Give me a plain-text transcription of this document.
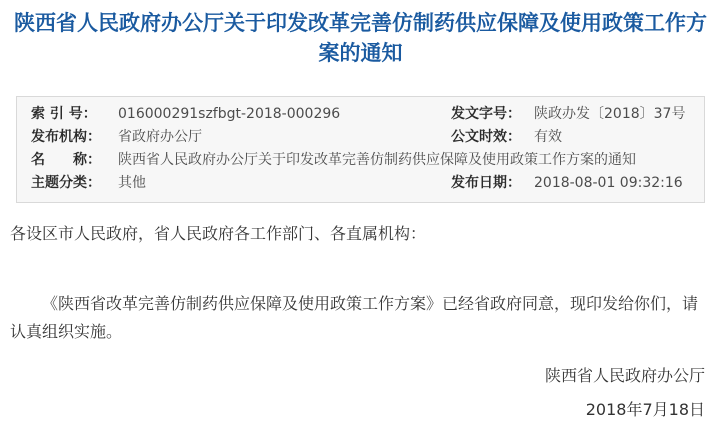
陕西省人民政府办公厅关于印发改革完善仿制药供应保障及使用政策工作方案的通知
索 引 号：	016000291szfbgt-2018-000296	发文字号： 陕政办发〔2018〕37号
发布机构：	省政府办公厅	公文时效： 有效
名　　称：	陕西省人民政府办公厅关于印发改革完善仿制药供应保障及使用政策工作方案的通知
主题分类：	其他	发布日期： 2018-08-01 09:32:16

各设区市人民政府，省人民政府各工作部门、各直属机构：

《陕西省改革完善仿制药供应保障及使用政策工作方案》已经省政府同意，现印发给你们，请认真组织实施。

陕西省人民政府办公厅

2018年7月18日
